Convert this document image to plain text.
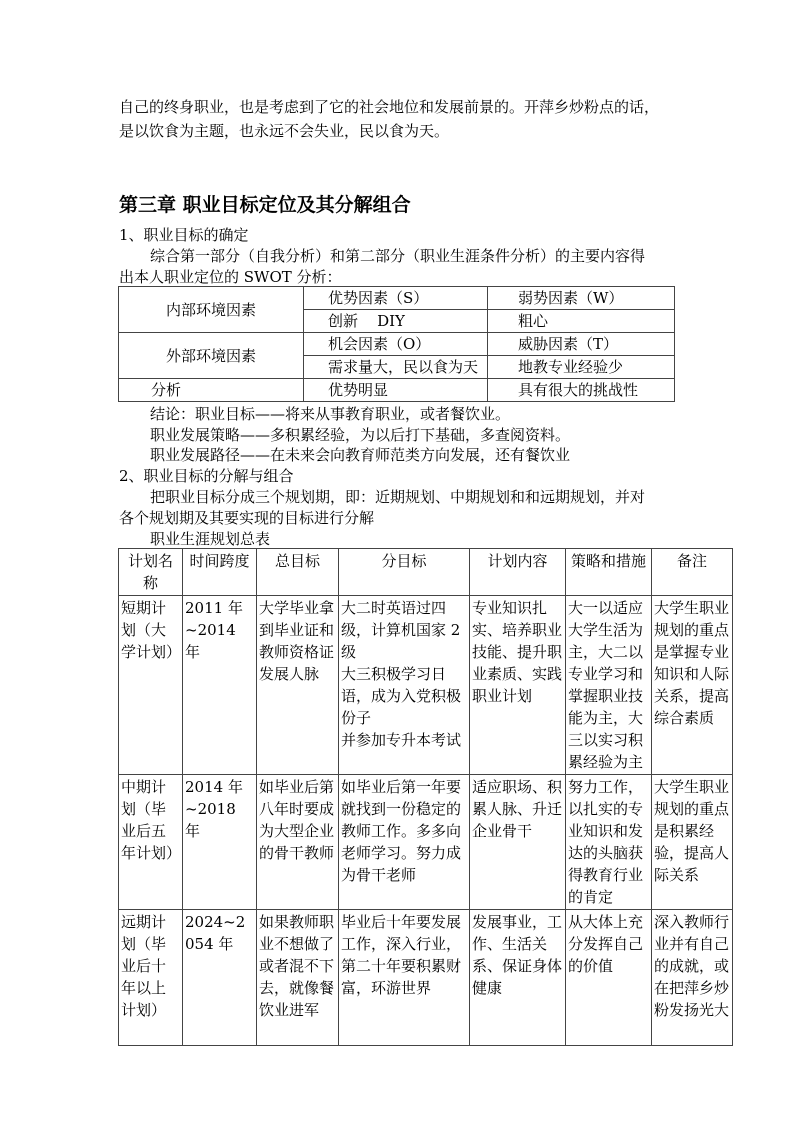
自己的终身职业，也是考虑到了它的社会地位和发展前景的。开萍乡炒粉点的话，
是以饮食为主题，也永远不会失业，民以食为天。
第三章 职业目标定位及其分解组合
1、职业目标的确定
综合第一部分（自我分析）和第二部分（职业生涯条件分析）的主要内容得
出本人职业定位的 SWOT 分析：
内部环境因素	优势因素（S）	弱势因素（W）
	创新    DIY	粗心
外部环境因素	机会因素（O）	威胁因素（T）
	需求量大，民以食为天	地教专业经验少
分析	优势明显	具有很大的挑战性
结论：职业目标——将来从事教育职业，或者餐饮业。
职业发展策略——多积累经验，为以后打下基础，多查阅资料。
职业发展路径——在未来会向教育师范类方向发展，还有餐饮业
2、职业目标的分解与组合
把职业目标分成三个规划期，即：近期规划、中期规划和和远期规划，并对
各个规划期及其要实现的目标进行分解
职业生涯规划总表
计划名称	时间跨度	总目标	分目标	计划内容	策略和措施	备注
短期计划（大学计划）	2011 年~2014 年	大学毕业拿到毕业证和教师资格证发展人脉	大二时英语过四级，计算机国家 2 级
大三积极学习日语，成为入党积极份子
并参加专升本考试	专业知识扎实、培养职业技能、提升职业素质、实践职业计划	大一以适应大学生活为主，大二以专业学习和掌握职业技能为主，大三以实习积累经验为主	大学生职业规划的重点是掌握专业知识和人际关系，提高综合素质
中期计划（毕业后五年计划）	2014 年~2018 年	如毕业后第八年时要成为大型企业的骨干教师	如毕业后第一年要就找到一份稳定的教师工作。多多向老师学习。努力成为骨干老师	适应职场、积累人脉、升迁企业骨干	努力工作，以扎实的专业知识和发达的头脑获得教育行业的肯定	大学生职业规划的重点是积累经验，提高人际关系
远期计划（毕业后十年以上计划）	2024~2054 年	如果教师职业不想做了或者混不下去，就像餐饮业进军	毕业后十年要发展工作，深入行业，第二十年要积累财富，环游世界	发展事业，工作、生活关系、保证身体健康	从大体上充分发挥自己的价值	深入教师行业并有自己的成就，或在把萍乡炒粉发扬光大
